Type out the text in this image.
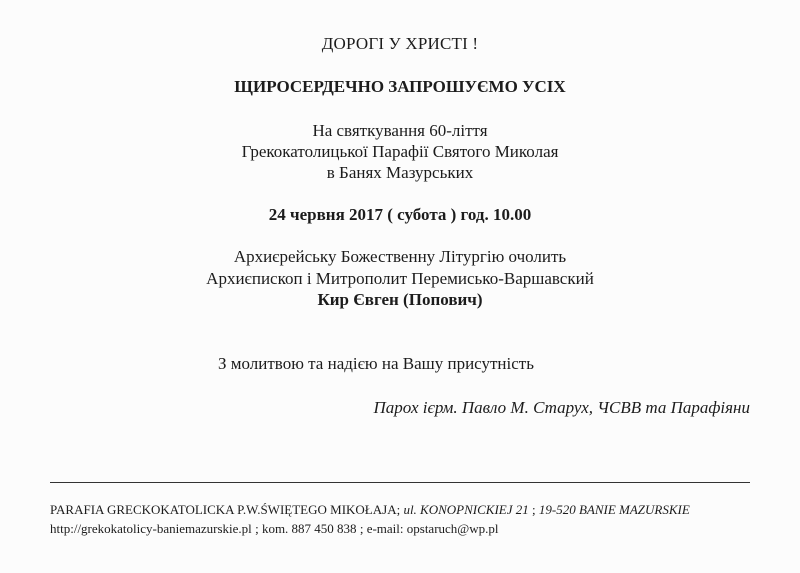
ДОРОГІ У ХРИСТІ !
ЩИРОСЕРДЕЧНО ЗАПРОШУЄМО УСІХ
На святкування 60-ліття
Грекокатолицької Парафії Святого Миколая
в Банях Мазурських
24 червня 2017 ( субота ) год. 10.00
Архиєрейську Божественну Літургію очолить
Архиєпископ і Митрополит Перемисько-Варшавский
Кир Євген (Попович)
З молитвою та надією на Вашу присутність
Парох ієрм. Павло М. Старух, ЧСВВ та Парафіяни
PARAFIA GRECKOKATOLICKA P.W.ŚWIĘTEGO MIKOŁAJA; ul. KONOPNICKIEJ 21 ; 19-520 BANIE MAZURSKIE
http://grekokatolicy-baniemazurskie.pl ; kom. 887 450 838 ; e-mail: opstaruch@wp.pl
